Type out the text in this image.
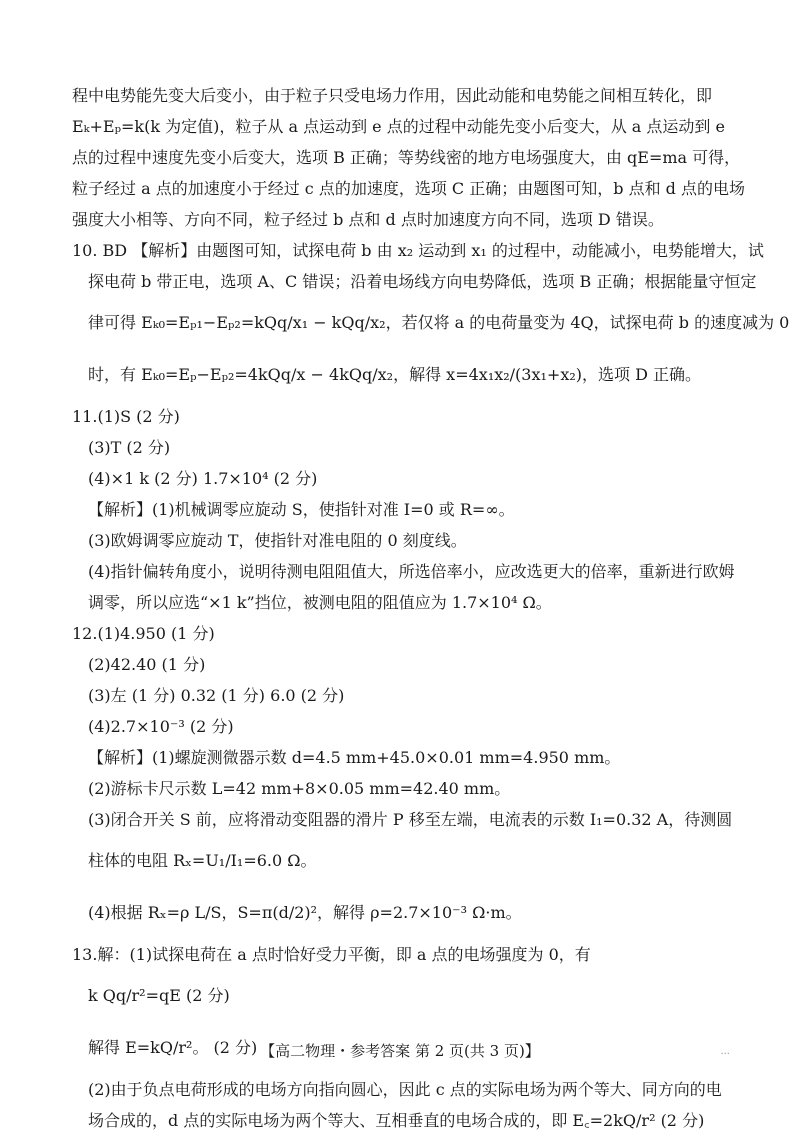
程中电势能先变大后变小，由于粒子只受电场力作用，因此动能和电势能之间相互转化，即
Eₖ+Eₚ=k(k 为定值)，粒子从 a 点运动到 e 点的过程中动能先变小后变大，从 a 点运动到 e
点的过程中速度先变小后变大，选项 B 正确；等势线密的地方电场强度大，由 qE=ma 可得，
粒子经过 a 点的加速度小于经过 c 点的加速度，选项 C 正确；由题图可知，b 点和 d 点的电场
强度大小相等、方向不同，粒子经过 b 点和 d 点时加速度方向不同，选项 D 错误。
10. BD 【解析】由题图可知，试探电荷 b 由 x₂ 运动到 x₁ 的过程中，动能减小，电势能增大，试
探电荷 b 带正电，选项 A、C 错误；沿着电场线方向电势降低，选项 B 正确；根据能量守恒定
律可得 Eₖ₀=Eₚ₁−Eₚ₂=kQq/x₁ − kQq/x₂，若仅将 a 的电荷量变为 4Q，试探电荷 b 的速度减为 0
时，有 Eₖ₀=Eₚ−Eₚ₂=4kQq/x − 4kQq/x₂，解得 x=4x₁x₂/(3x₁+x₂)，选项 D 正确。
11.(1)S (2 分)
(3)T (2 分)
(4)×1 k (2 分) 1.7×10⁴ (2 分)
【解析】(1)机械调零应旋动 S，使指针对准 I=0 或 R=∞。
(3)欧姆调零应旋动 T，使指针对准电阻的 0 刻度线。
(4)指针偏转角度小，说明待测电阻阻值大，所选倍率小，应改选更大的倍率，重新进行欧姆
调零，所以应选“×1 k”挡位，被测电阻的阻值应为 1.7×10⁴ Ω。
12.(1)4.950 (1 分)
(2)42.40 (1 分)
(3)左 (1 分) 0.32 (1 分) 6.0 (2 分)
(4)2.7×10⁻³ (2 分)
【解析】(1)螺旋测微器示数 d=4.5 mm+45.0×0.01 mm=4.950 mm。
(2)游标卡尺示数 L=42 mm+8×0.05 mm=42.40 mm。
(3)闭合开关 S 前，应将滑动变阻器的滑片 P 移至左端，电流表的示数 I₁=0.32 A，待测圆
柱体的电阻 Rₓ=U₁/I₁=6.0 Ω。
(4)根据 Rₓ=ρ L/S，S=π(d/2)²，解得 ρ=2.7×10⁻³ Ω·m。
13.解：(1)试探电荷在 a 点时恰好受力平衡，即 a 点的电场强度为 0，有
k Qq/r²=qE (2 分)
解得 E=kQ/r²。 (2 分)
(2)由于负点电荷形成的电场方向指向圆心，因此 c 点的实际电场为两个等大、同方向的电
场合成的，d 点的实际电场为两个等大、互相垂直的电场合成的，即 E꜀=2kQ/r² (2 分)
【高二物理・参考答案 第 2 页(共 3 页)】	...
